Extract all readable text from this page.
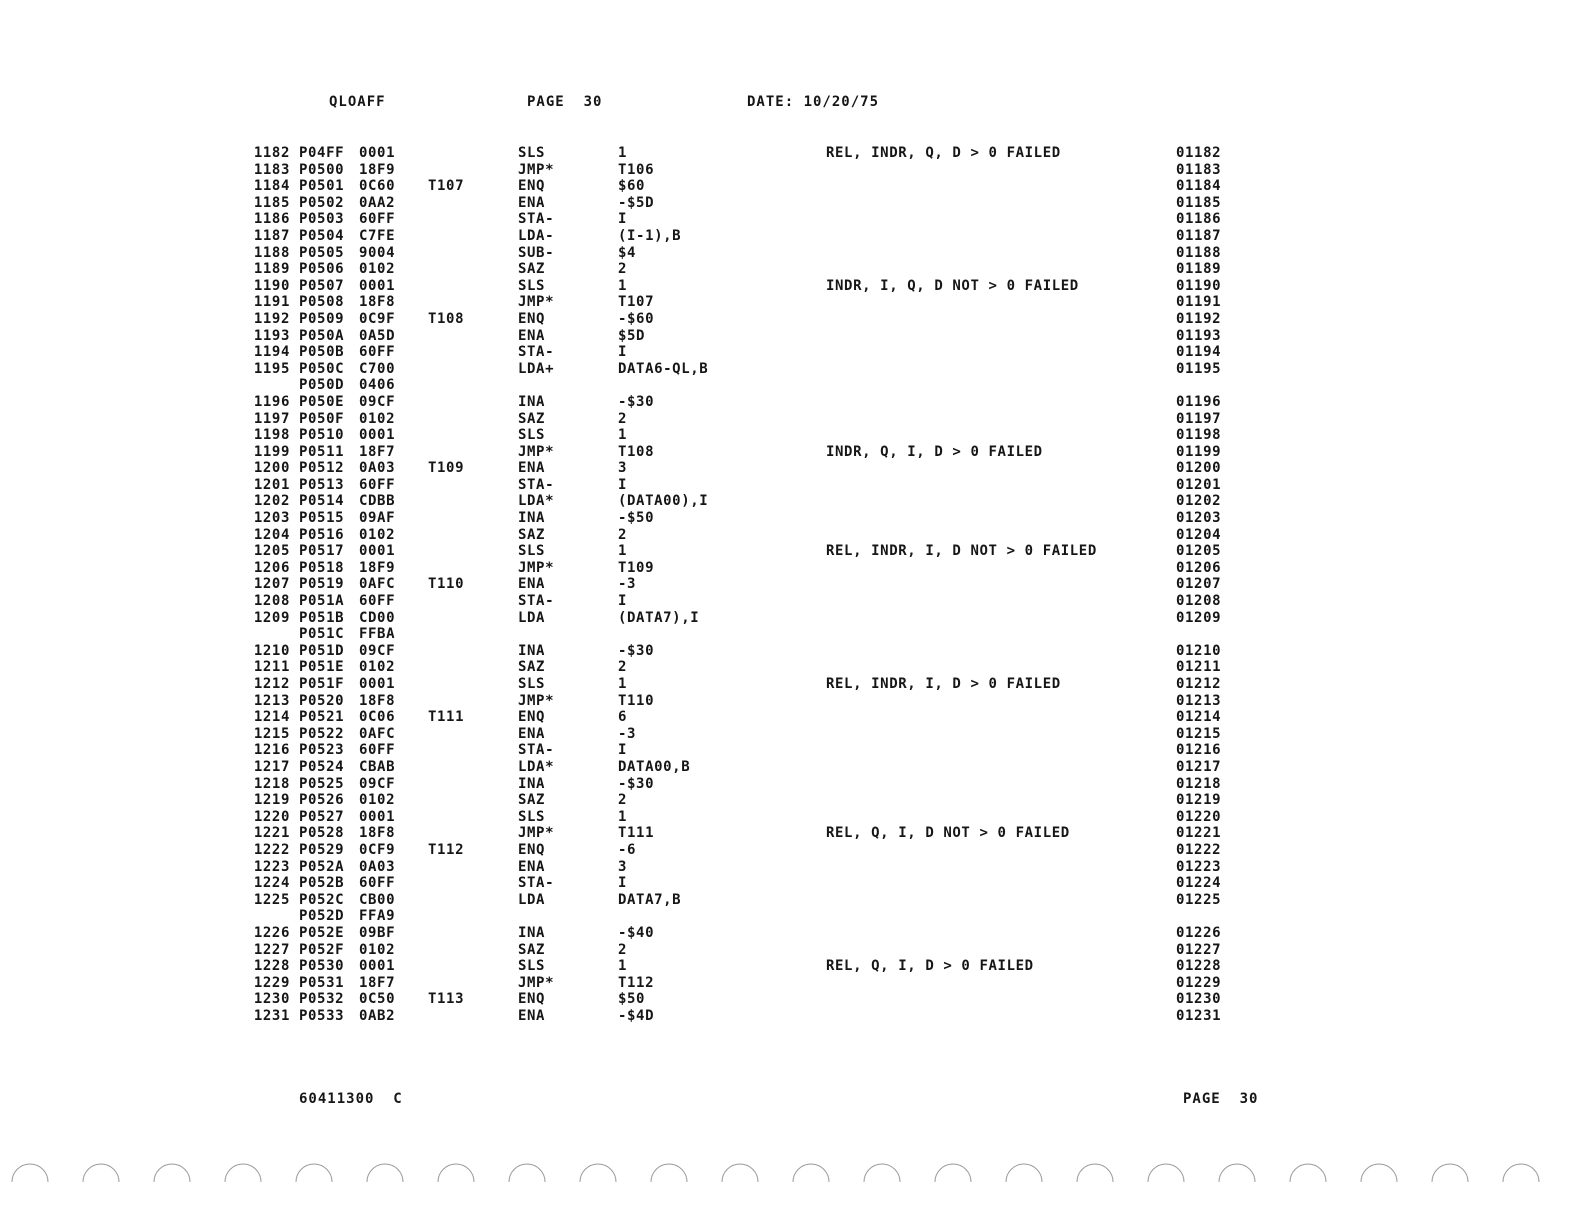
QLOAFF	PAGE  30	DATE: 10/20/75
1182 P04FF 0001	SLS	1	REL, INDR, Q, D > 0 FAILED	01182
1183 P0500 18F9	JMP*	T106	01183
1184 P0501 0C60 T107	ENQ	$60	01184
1185 P0502 0AA2	ENA	-$5D	01185
1186 P0503 60FF	STA-	I	01186
1187 P0504 C7FE	LDA-	(I-1),B	01187
1188 P0505 9004	SUB-	$4	01188
1189 P0506 0102	SAZ	2	01189
1190 P0507 0001	SLS	1	INDR, I, Q, D NOT > 0 FAILED	01190
1191 P0508 18F8	JMP*	T107	01191
1192 P0509 0C9F T108	ENQ	-$60	01192
1193 P050A 0A5D	ENA	$5D	01193
1194 P050B 60FF	STA-	I	01194
1195 P050C C700	LDA+	DATA6-QL,B	01195
P050D 0406
1196 P050E 09CF	INA	-$30	01196
1197 P050F 0102	SAZ	2	01197
1198 P0510 0001	SLS	1	01198
1199 P0511 18F7	JMP*	T108	INDR, Q, I, D > 0 FAILED	01199
1200 P0512 0A03 T109	ENA	3	01200
1201 P0513 60FF	STA-	I	01201
1202 P0514 CDBB	LDA*	(DATA00),I	01202
1203 P0515 09AF	INA	-$50	01203
1204 P0516 0102	SAZ	2	01204
1205 P0517 0001	SLS	1	REL, INDR, I, D NOT > 0 FAILED	01205
1206 P0518 18F9	JMP*	T109	01206
1207 P0519 0AFC T110	ENA	-3	01207
1208 P051A 60FF	STA-	I	01208
1209 P051B CD00	LDA	(DATA7),I	01209
P051C FFBA
1210 P051D 09CF	INA	-$30	01210
1211 P051E 0102	SAZ	2	01211
1212 P051F 0001	SLS	1	REL, INDR, I, D > 0 FAILED	01212
1213 P0520 18F8	JMP*	T110	01213
1214 P0521 0C06 T111	ENQ	6	01214
1215 P0522 0AFC	ENA	-3	01215
1216 P0523 60FF	STA-	I	01216
1217 P0524 CBAB	LDA*	DATA00,B	01217
1218 P0525 09CF	INA	-$30	01218
1219 P0526 0102	SAZ	2	01219
1220 P0527 0001	SLS	1	01220
1221 P0528 18F8	JMP*	T111	REL, Q, I, D NOT > 0 FAILED	01221
1222 P0529 0CF9 T112	ENQ	-6	01222
1223 P052A 0A03	ENA	3	01223
1224 P052B 60FF	STA-	I	01224
1225 P052C CB00	LDA	DATA7,B	01225
P052D FFA9
1226 P052E 09BF	INA	-$40	01226
1227 P052F 0102	SAZ	2	01227
1228 P0530 0001	SLS	1	REL, Q, I, D > 0 FAILED	01228
1229 P0531 18F7	JMP*	T112	01229
1230 P0532 0C50 T113	ENQ	$50	01230
1231 P0533 0AB2	ENA	-$4D	01231
60411300  C	PAGE  30
